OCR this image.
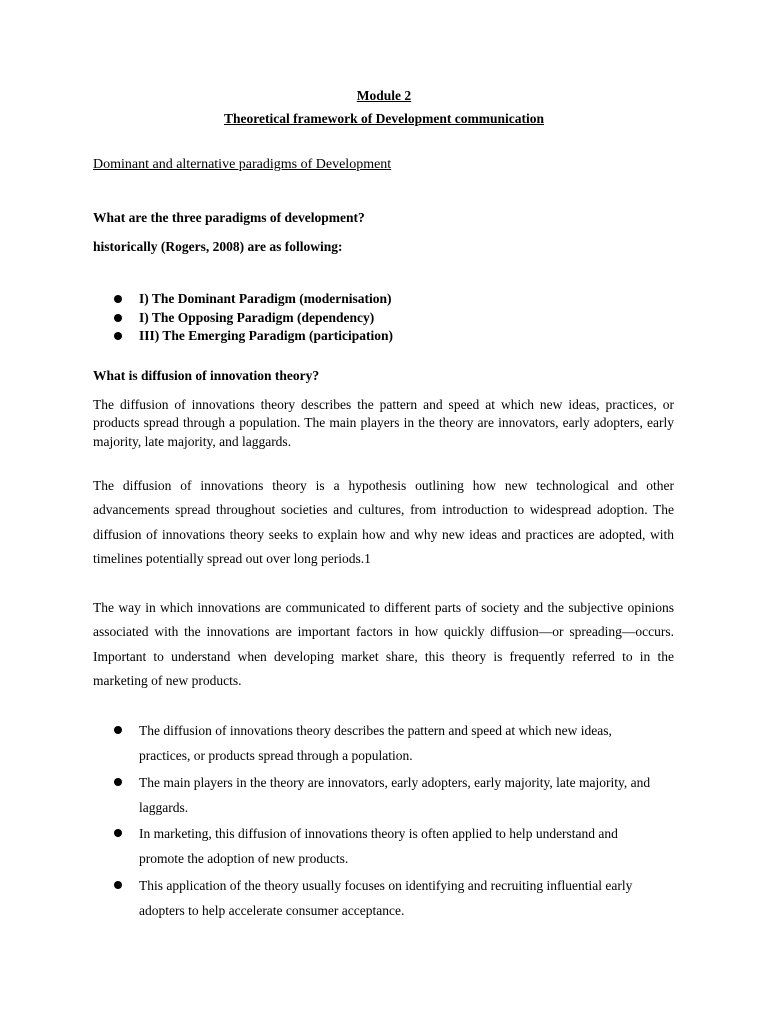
Module 2
Theoretical framework of Development communication
Dominant and alternative paradigms of Development
What are the three paradigms of development?
historically (Rogers, 2008) are as following:
I) The Dominant Paradigm (modernisation)
I) The Opposing Paradigm (dependency)
III) The Emerging Paradigm (participation)
What is diffusion of innovation theory?

The diffusion of innovations theory describes the pattern and speed at which new ideas, practices, or products spread through a population. The main players in the theory are innovators, early adopters, early majority, late majority, and laggards.

The diffusion of innovations theory is a hypothesis outlining how new technological and other advancements spread throughout societies and cultures, from introduction to widespread adoption. The diffusion of innovations theory seeks to explain how and why new ideas and practices are adopted, with timelines potentially spread out over long periods.1

The way in which innovations are communicated to different parts of society and the subjective opinions associated with the innovations are important factors in how quickly diffusion—or spreading—occurs. Important to understand when developing market share, this theory is frequently referred to in the marketing of new products.

The diffusion of innovations theory describes the pattern and speed at which new ideas, practices, or products spread through a population.
The main players in the theory are innovators, early adopters, early majority, late majority, and laggards.
In marketing, this diffusion of innovations theory is often applied to help understand and promote the adoption of new products.
This application of the theory usually focuses on identifying and recruiting influential early adopters to help accelerate consumer acceptance.
